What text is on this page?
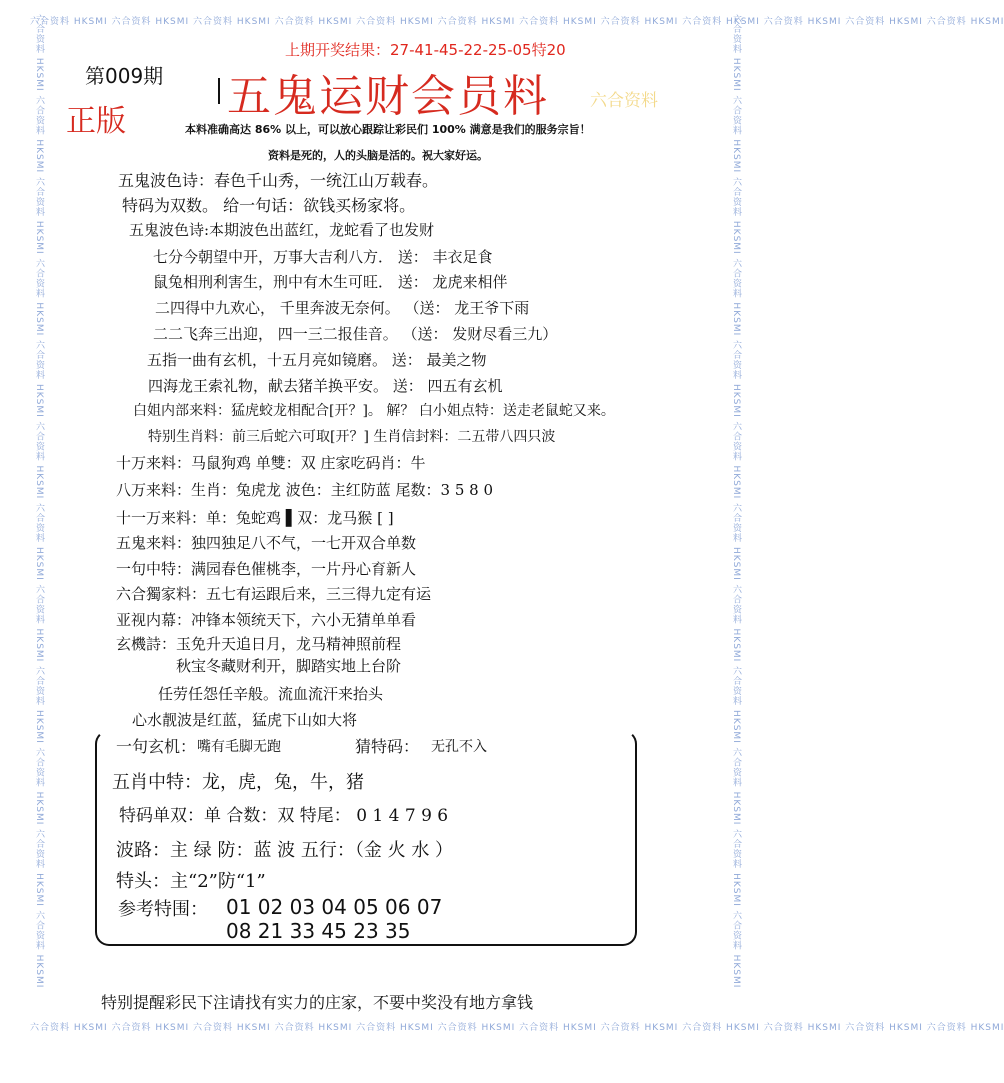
六合资料 HKSMI 六合资料 HKSMI 六合资料 HKSMI 六合资料 HKSMI 六合资料 HKSMI 六合资料 HKSMI 六合资料 HKSMI 六合资料 HKSMI 六合资料 HKSMI 六合资料 HKSMI 六合资料 HKSMI 六合资料 HKSMI
六合资料 HKSMI 六合资料 HKSMI 六合资料 HKSMI 六合资料 HKSMI 六合资料 HKSMI 六合资料 HKSMI 六合资料 HKSMI 六合资料 HKSMI 六合资料 HKSMI 六合资料 HKSMI 六合资料 HKSMI 六合资料 HKSMI
六合资料 HKSMI 六合资料 HKSMI 六合资料 HKSMI 六合资料 HKSMI 六合资料 HKSMI 六合资料 HKSMI 六合资料 HKSMI 六合资料 HKSMI 六合资料 HKSMI 六合资料 HKSMI 六合资料 HKSMI 六合资料 HKSMI	六合资料 HKSMI 六合资料 HKSMI 六合资料 HKSMI 六合资料 HKSMI 六合资料 HKSMI 六合资料 HKSMI 六合资料 HKSMI 六合资料 HKSMI 六合资料 HKSMI 六合资料 HKSMI 六合资料 HKSMI 六合资料 HKSMI
上期开奖结果：27-41-45-22-25-05特20
第009期 五鬼运财会员料 六合资料
正版	本料准确高达 86% 以上，可以放心跟踪让彩民们 100% 满意是我们的服务宗旨！
资料是死的，人的头脑是活的。祝大家好运。
五鬼波色诗：春色千山秀，一统江山万载春。
特码为双数。 给一句话：欲钱买杨家将。
五鬼波色诗:本期波色出蓝红，龙蛇看了也发财
七分今朝望中开，万事大吉利八方． 送： 丰衣足食
鼠兔相刑利害生，刑中有木生可旺． 送： 龙虎来相伴
二四得中九欢心， 千里奔波无奈何。 （送： 龙王爷下雨
二二飞奔三出迎， 四一三二报佳音。 （送： 发财尽看三九）
五指一曲有玄机，十五月亮如镜磨。 送： 最美之物
四海龙王索礼物，献去猪羊换平安。 送： 四五有玄机
白姐内部来料：猛虎蛟龙相配合[开？]。 解？ 白小姐点特：送走老鼠蛇又来。
特别生肖料：前三后蛇六可取[开？] 生肖信封料：二五带八四只波
十万来料：马鼠狗鸡 单雙：双 庄家吃码肖：牛
八万来料：生肖：兔虎龙 波色：主红防蓝 尾数：3 5 8 0
十一万来料：单：兔蛇鸡 ▌双：龙马猴 [ ]
五鬼来料：独四独足八不气，一七开双合单数
一句中特：满园春色催桃李，一片丹心育新人
六合獨家料：五七有运跟后来，三三得九定有运
亚视内幕：冲锋本领统天下，六小无猜单单看
玄機詩：玉免升天追日月，龙马精神照前程
秋宝冬藏财利开，脚踏实地上台阶
任劳任怨任辛般。流血流汗来抬头
心水靓波是红蓝，猛虎下山如大将
一句玄机： 嘴有毛脚无跑	猜特码： 无孔不入
五肖中特：龙，虎，兔，牛，猪
特码单双：单 合数：双 特尾： 0 1 4 7 9 6
波路：主 绿 防：蓝 波 五行：（金 火 水 ）
特头：主“2”防“1”
参考特围： 01 02 03 04 05 06 07
08 21 33 45 23 35
特别提醒彩民下注请找有实力的庄家，不要中奖没有地方拿钱
